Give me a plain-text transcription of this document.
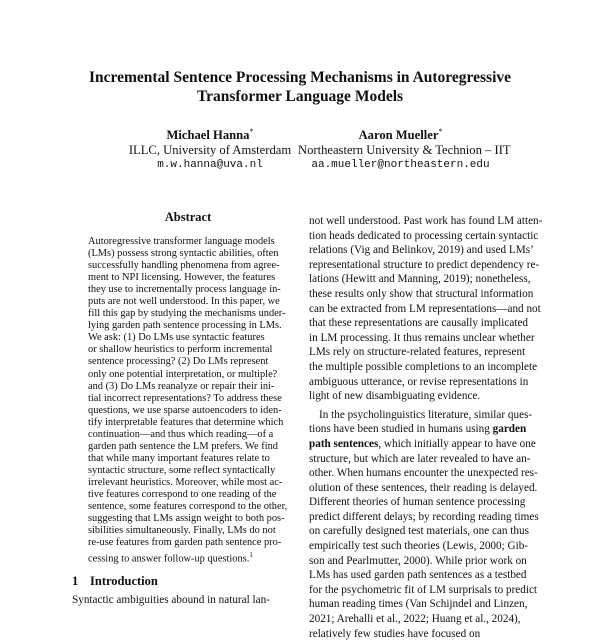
Incremental Sentence Processing Mechanisms in Autoregressive
Transformer Language Models
Michael Hanna*
ILLC, University of Amsterdam
m.w.hanna@uva.nl
Aaron Mueller*
Northeastern University & Technion – IIT
aa.mueller@northeastern.edu
Abstract
Autoregressive transformer language models
(LMs) possess strong syntactic abilities, often
successfully handling phenomena from agree-
ment to NPI licensing. However, the features
they use to incrementally process language in-
puts are not well understood. In this paper, we
fill this gap by studying the mechanisms under-
lying garden path sentence processing in LMs.
We ask: (1) Do LMs use syntactic features
or shallow heuristics to perform incremental
sentence processing? (2) Do LMs represent
only one potential interpretation, or multiple?
and (3) Do LMs reanalyze or repair their ini-
tial incorrect representations? To address these
questions, we use sparse autoencoders to iden-
tify interpretable features that determine which
continuation—and thus which reading—of a
garden path sentence the LM prefers. We find
that while many important features relate to
syntactic structure, some reflect syntactically
irrelevant heuristics. Moreover, while most ac-
tive features correspond to one reading of the
sentence, some features correspond to the other,
suggesting that LMs assign weight to both pos-
sibilities simultaneously. Finally, LMs do not
re-use features from garden path sentence pro-
cessing to answer follow-up questions.$^1$
1 Introduction
Syntactic ambiguities abound in natural lan-
not well understood. Past work has found LM atten-
tion heads dedicated to processing certain syntactic
relations (Vig and Belinkov, 2019) and used LMs’
representational structure to predict dependency re-
lations (Hewitt and Manning, 2019); nonetheless,
these results only show that structural information
can be extracted from LM representations—and not
that these representations are causally implicated
in LM processing. It thus remains unclear whether
LMs rely on structure-related features, represent
the multiple possible completions to an incomplete
ambiguous utterance, or revise representations in
light of new disambiguating evidence.
In the psycholinguistics literature, similar ques-
tions have been studied in humans using garden
path sentences, which initially appear to have one
structure, but which are later revealed to have an-
other. When humans encounter the unexpected res-
olution of these sentences, their reading is delayed.
Different theories of human sentence processing
predict different delays; by recording reading times
on carefully designed test materials, one can thus
empirically test such theories (Lewis, 2000; Gib-
son and Pearlmutter, 2000). While prior work on
LMs has used garden path sentences as a testbed
for the psychometric fit of LM surprisals to predict
human reading times (Van Schijndel and Linzen,
2021; Arehalli et al., 2022; Huang et al., 2024),
relatively few studies have focused on
